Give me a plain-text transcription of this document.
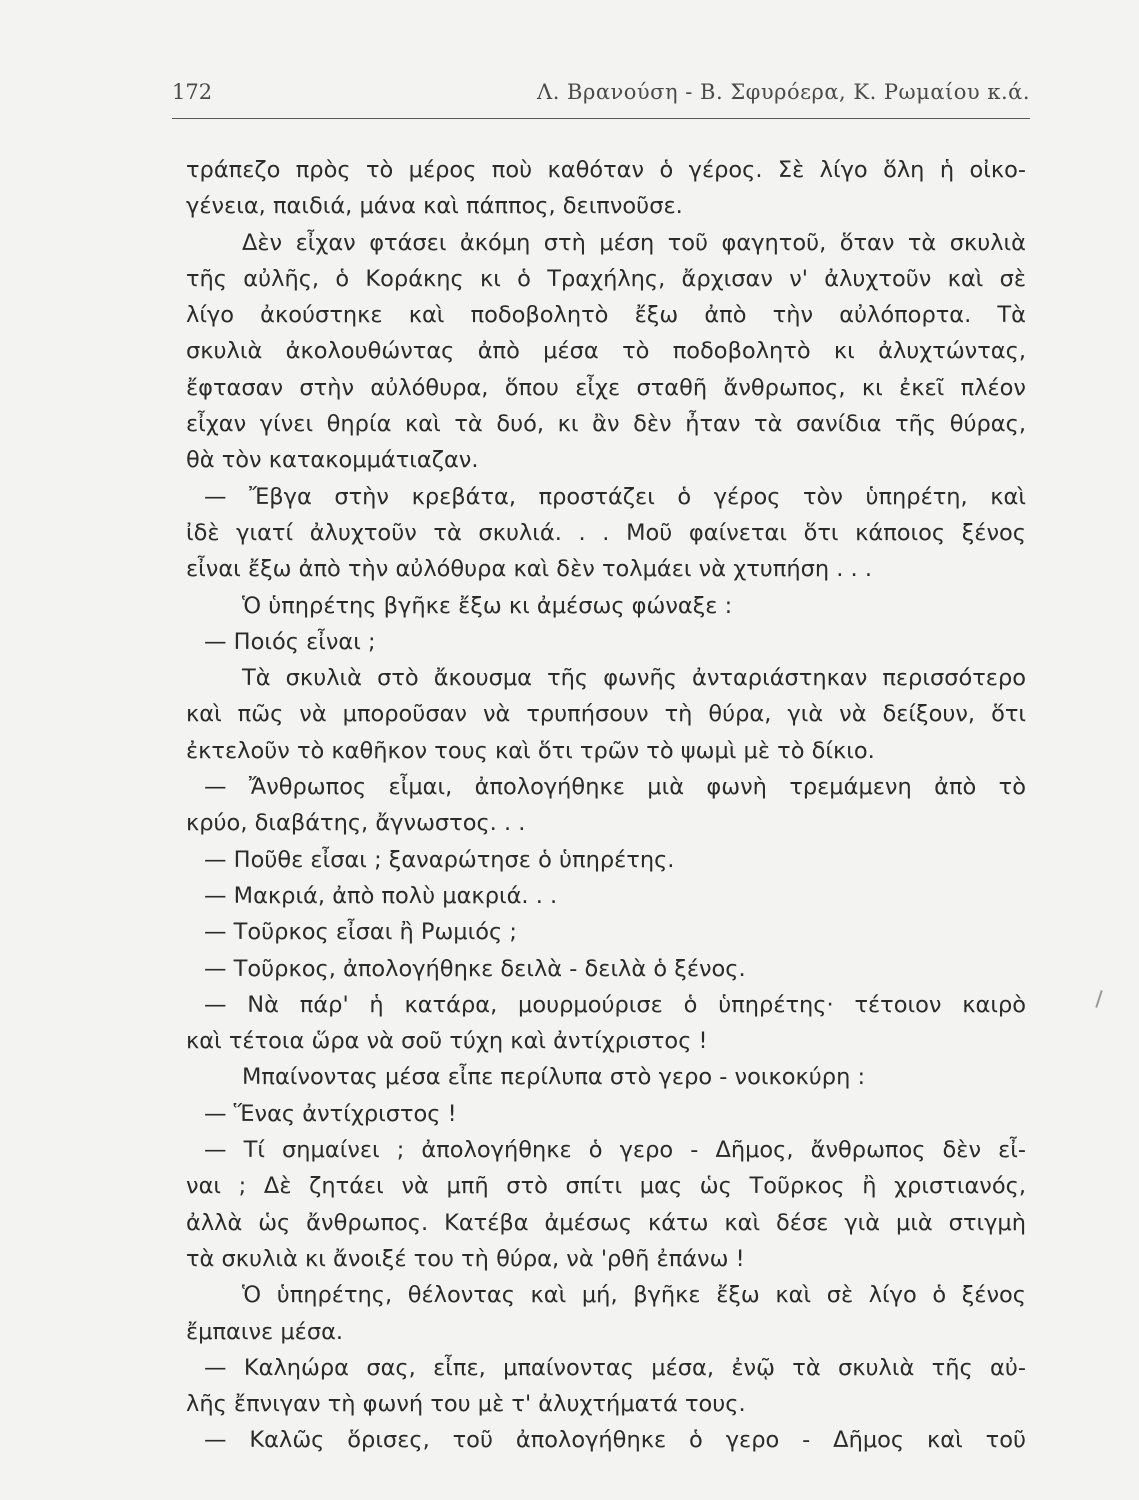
172	Λ. Βρανούση - Β. Σφυρόερα, Κ. Ρωμαίου κ.ά.
τράπεζο πρὸς τὸ μέρος ποὺ καθόταν ὁ γέρος. Σὲ λίγο ὅλη ἡ οἰκο-
γένεια, παιδιά, μάνα καὶ πάππος, δειπνοῦσε.
Δὲν εἶχαν φτάσει ἀκόμη στὴ μέση τοῦ φαγητοῦ, ὅταν τὰ σκυλιὰ
τῆς αὐλῆς, ὁ Κοράκης κι ὁ Τραχήλης, ἄρχισαν ν' ἀλυχτοῦν καὶ σὲ
λίγο ἀκούστηκε καὶ ποδοβολητὸ ἔξω ἀπὸ τὴν αὐλόπορτα. Τὰ
σκυλιὰ ἀκολουθώντας ἀπὸ μέσα τὸ ποδοβολητὸ κι ἀλυχτώντας,
ἔφτασαν στὴν αὐλόθυρα, ὅπου εἶχε σταθῆ ἄνθρωπος, κι ἐκεῖ πλέον
εἶχαν γίνει θηρία καὶ τὰ δυό, κι ἂν δὲν ἦταν τὰ σανίδια τῆς θύρας,
θὰ τὸν κατακομμάτιαζαν.
— Ἔβγα στὴν κρεβάτα, προστάζει ὁ γέρος τὸν ὑπηρέτη, καὶ
ἰδὲ γιατί ἀλυχτοῦν τὰ σκυλιά. . . Μοῦ φαίνεται ὅτι κάποιος ξένος
εἶναι ἔξω ἀπὸ τὴν αὐλόθυρα καὶ δὲν τολμάει νὰ χτυπήση . . .
Ὁ ὑπηρέτης βγῆκε ἔξω κι ἀμέσως φώναξε :
— Ποιός εἶναι ;
Τὰ σκυλιὰ στὸ ἄκουσμα τῆς φωνῆς ἀνταριάστηκαν περισσότερο
καὶ πῶς νὰ μποροῦσαν νὰ τρυπήσουν τὴ θύρα, γιὰ νὰ δείξουν, ὅτι
ἐκτελοῦν τὸ καθῆκον τους καὶ ὅτι τρῶν τὸ ψωμὶ μὲ τὸ δίκιο.
— Ἄνθρωπος εἶμαι, ἀπολογήθηκε μιὰ φωνὴ τρεμάμενη ἀπὸ τὸ
κρύο, διαβάτης, ἄγνωστος. . .
— Ποῦθε εἶσαι ; ξαναρώτησε ὁ ὑπηρέτης.
— Μακριά, ἀπὸ πολὺ μακριά. . .
— Τοῦρκος εἶσαι ἢ Ρωμιός ;
— Τοῦρκος, ἀπολογήθηκε δειλὰ - δειλὰ ὁ ξένος.
— Νὰ πάρ' ἡ κατάρα, μουρμούρισε ὁ ὑπηρέτης· τέτοιον καιρὸ
καὶ τέτοια ὥρα νὰ σοῦ τύχη καὶ ἀντίχριστος !
Μπαίνοντας μέσα εἶπε περίλυπα στὸ γερο - νοικοκύρη :
— Ἕνας ἀντίχριστος !
— Τί σημαίνει ; ἀπολογήθηκε ὁ γερο - Δῆμος, ἄνθρωπος δὲν εἶ-
ναι ; Δὲ ζητάει νὰ μπῆ στὸ σπίτι μας ὡς Τοῦρκος ἢ χριστιανός,
ἀλλὰ ὡς ἄνθρωπος. Κατέβα ἀμέσως κάτω καὶ δέσε γιὰ μιὰ στιγμὴ
τὰ σκυλιὰ κι ἄνοιξέ του τὴ θύρα, νὰ 'ρθῆ ἐπάνω !
Ὁ ὑπηρέτης, θέλοντας καὶ μή, βγῆκε ἔξω καὶ σὲ λίγο ὁ ξένος
ἔμπαινε μέσα.
— Καληώρα σας, εἶπε, μπαίνοντας μέσα, ἐνῷ τὰ σκυλιὰ τῆς αὐ-
λῆς ἔπνιγαν τὴ φωνή του μὲ τ' ἀλυχτήματά τους.
— Καλῶς ὅρισες, τοῦ ἀπολογήθηκε ὁ γερο - Δῆμος καὶ τοῦ
